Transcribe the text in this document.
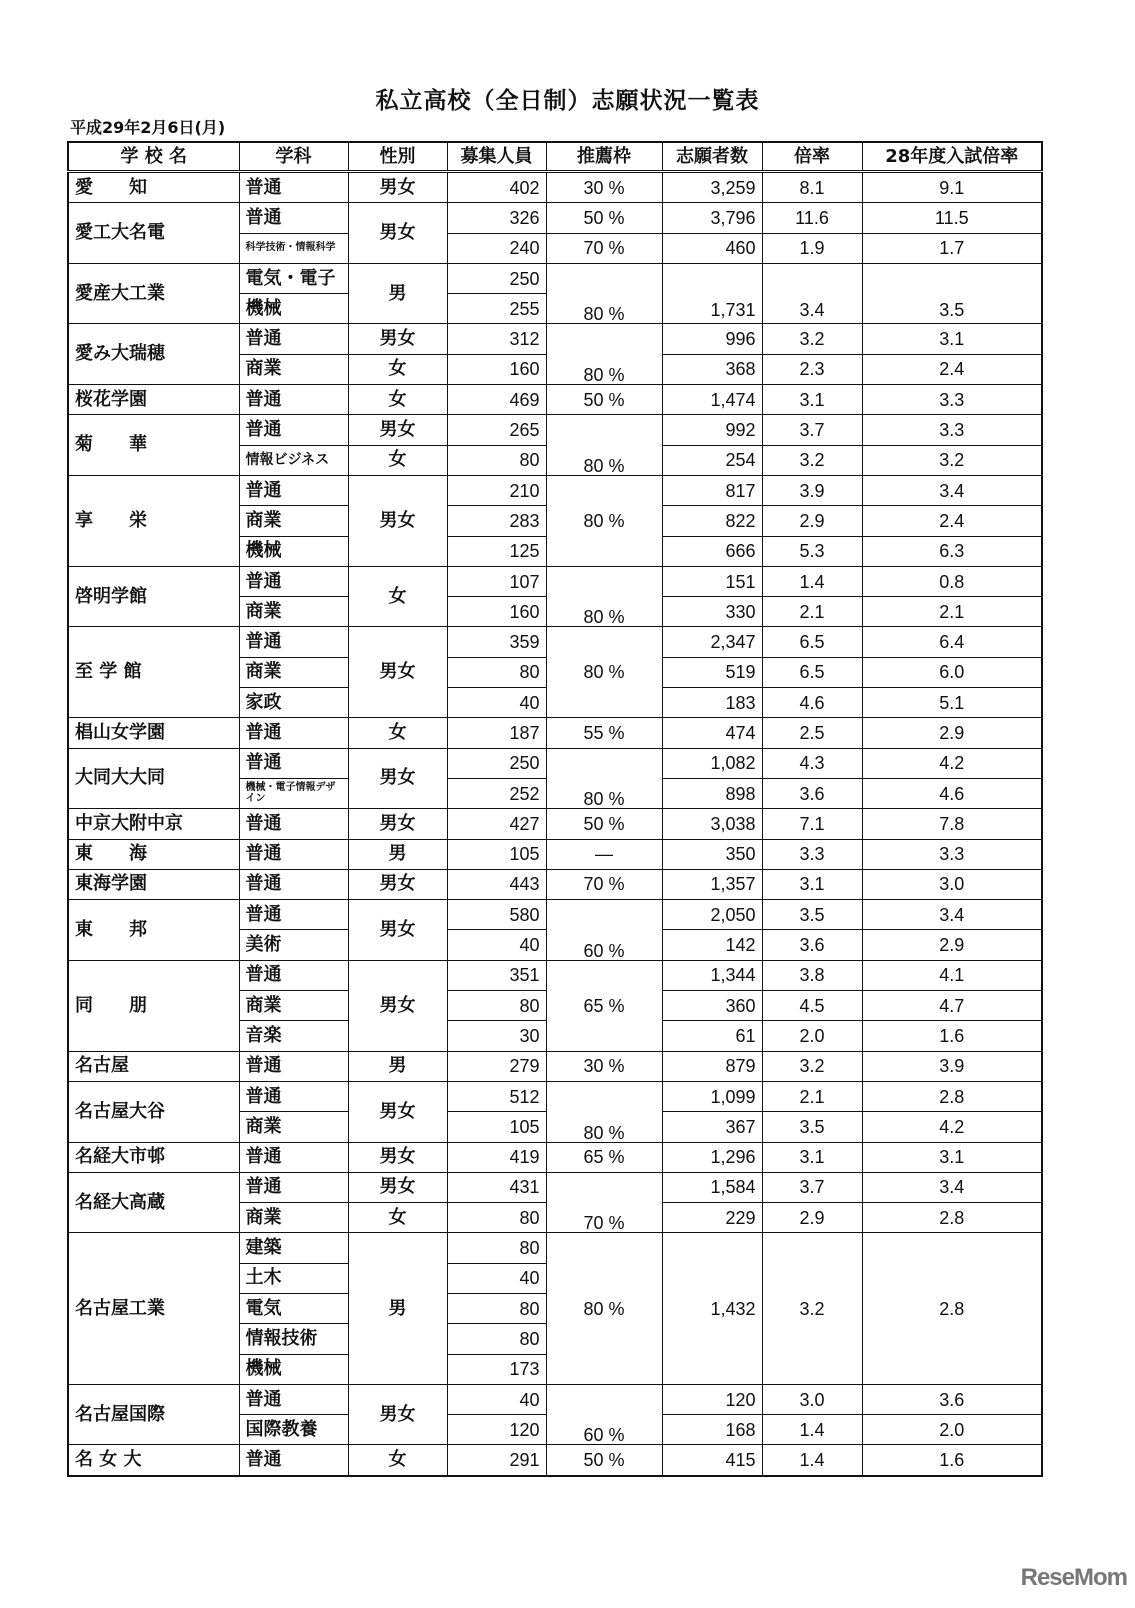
私立高校（全日制）志願状況一覧表
平成29年2月6日(月)
学 校 名	学科	性別	募集人員	推薦枠	志願者数	倍率	28年度入試倍率
愛　　知	普通	男女	402	30 %	3,259	8.1	9.1
愛工大名電	普通	男女	326	50 %	3,796	11.6	11.5
	科学技術・情報科学		240	70 %	460	1.9	1.7
愛産大工業	電気・電子	男	250	80 %	1,731	3.4	3.5
	機械		255				
愛み大瑞穂	普通	男女	312	80 %	996	3.2	3.1
	商業	女	160		368	2.3	2.4
桜花学園	普通	女	469	50 %	1,474	3.1	3.3
菊　　華	普通	男女	265	80 %	992	3.7	3.3
	情報ビジネス	女	80		254	3.2	3.2
享　　栄	普通	男女	210	80 %	817	3.9	3.4
	商業		283		822	2.9	2.4
	機械		125		666	5.3	6.3
啓明学館	普通	女	107	80 %	151	1.4	0.8
	商業		160		330	2.1	2.1
至 学 館	普通	男女	359	80 %	2,347	6.5	6.4
	商業		80		519	6.5	6.0
	家政		40		183	4.6	5.1
椙山女学園	普通	女	187	55 %	474	2.5	2.9
大同大大同	普通	男女	250	80 %	1,082	4.3	4.2
	機械・電子情報デザイン		252		898	3.6	4.6
中京大附中京	普通	男女	427	50 %	3,038	7.1	7.8
東　　海	普通	男	105	—	350	3.3	3.3
東海学園	普通	男女	443	70 %	1,357	3.1	3.0
東　　邦	普通	男女	580	60 %	2,050	3.5	3.4
	美術		40		142	3.6	2.9
同　　朋	普通	男女	351	65 %	1,344	3.8	4.1
	商業		80		360	4.5	4.7
	音楽		30		61	2.0	1.6
名古屋	普通	男	279	30 %	879	3.2	3.9
名古屋大谷	普通	男女	512	80 %	1,099	2.1	2.8
	商業		105		367	3.5	4.2
名経大市邨	普通	男女	419	65 %	1,296	3.1	3.1
名経大高蔵	普通	男女	431	70 %	1,584	3.7	3.4
	商業	女	80		229	2.9	2.8
名古屋工業	建築	男	80	80 %	1,432	3.2	2.8
	土木		40				
	電気		80				
	情報技術		80				
	機械		173				
名古屋国際	普通	男女	40	60 %	120	3.0	3.6
	国際教養		120		168	1.4	2.0
名 女 大	普通	女	291	50 %	415	1.4	1.6
ReseMom
